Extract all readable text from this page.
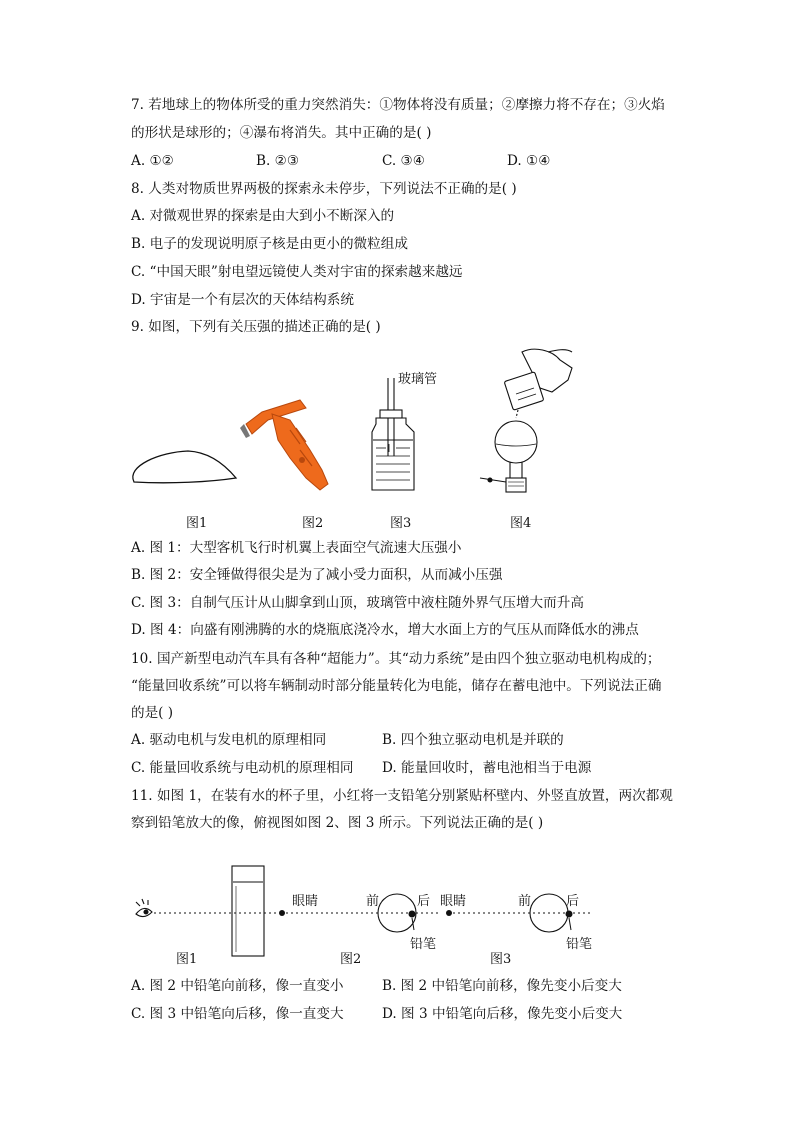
7. 若地球上的物体所受的重力突然消失：①物体将没有质量；②摩擦力将不存在；③火焰
的形状是球形的；④瀑布将消失。其中正确的是( )
A. ①②	B. ②③	C. ③④	D. ①④
8. 人类对物质世界两极的探索永未停步，下列说法不正确的是( )
A. 对微观世界的探索是由大到小不断深入的
B. 电子的发现说明原子核是由更小的微粒组成
C. “中国天眼”射电望远镜使人类对宇宙的探索越来越远
D. 宇宙是一个有层次的天体结构系统
9. 如图，下列有关压强的描述正确的是( )
玻璃管
图1	图2	图3	图4
A. 图 1：大型客机飞行时机翼上表面空气流速大压强小
B. 图 2：安全锤做得很尖是为了减小受力面积，从而减小压强
C. 图 3：自制气压计从山脚拿到山顶，玻璃管中液柱随外界气压增大而升高
D. 图 4：向盛有刚沸腾的水的烧瓶底浇冷水，增大水面上方的气压从而降低水的沸点
10. 国产新型电动汽车具有各种“超能力”。其“动力系统”是由四个独立驱动电机构成的；
“能量回收系统”可以将车辆制动时部分能量转化为电能，储存在蓄电池中。下列说法正确
的是( )
A. 驱动电机与发电机的原理相同	B. 四个独立驱动电机是并联的
C. 能量回收系统与电动机的原理相同 D. 能量回收时，蓄电池相当于电源
11. 如图 1，在装有水的杯子里，小红将一支铅笔分别紧贴杯壁内、外竖直放置，两次都观
察到铅笔放大的像，俯视图如图 2、图 3 所示。下列说法正确的是( )
眼睛	前	后
铅笔
眼睛	前	后
铅笔
图1	图2	图3
A. 图 2 中铅笔向前移，像一直变小	B. 图 2 中铅笔向前移，像先变小后变大
C. 图 3 中铅笔向后移，像一直变大	D. 图 3 中铅笔向后移，像先变小后变大
